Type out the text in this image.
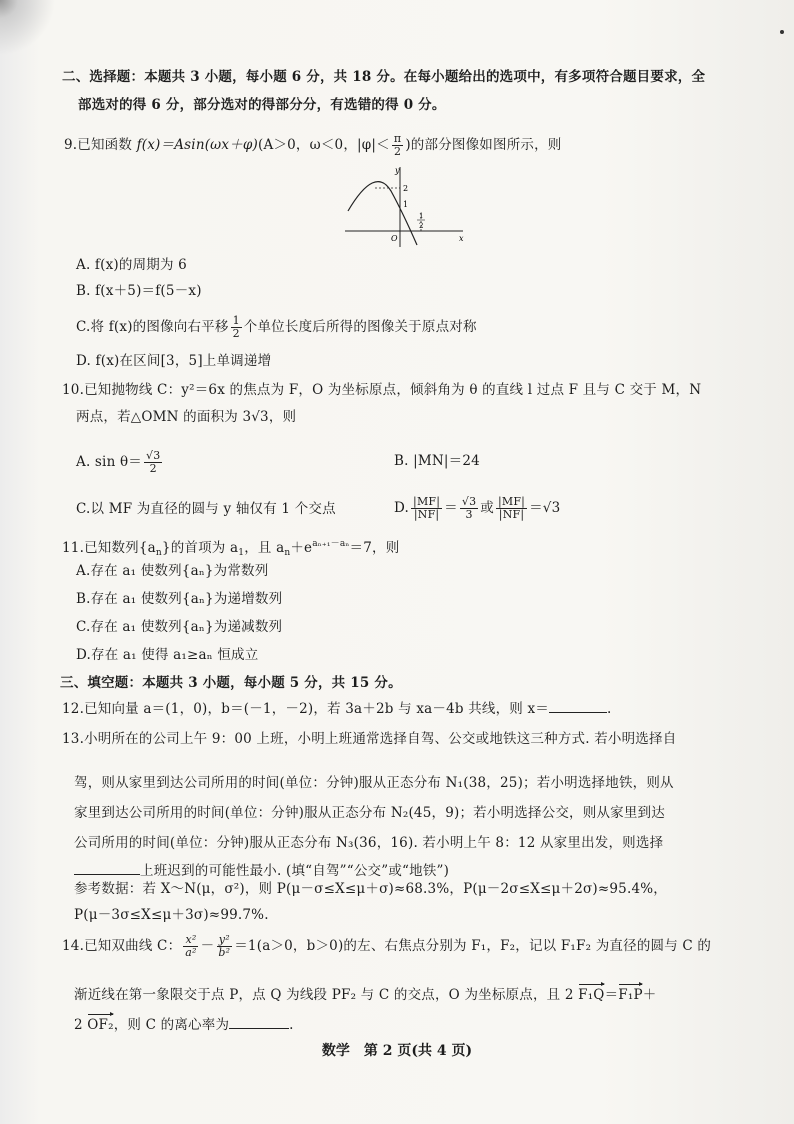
二、选择题：本题共 3 小题，每小题 6 分，共 18 分。在每小题给出的选项中，有多项符合题目要求，全
部选对的得 6 分，部分选对的得部分分，有选错的得 0 分。
9.已知函数 f(x)＝Asin(ωx＋φ)(A＞0，ω＜0，$|\varphi|< \frac{\pi}{2}$ )的部分图像如图所示，则
y
x
O
2
1
1
2
A. f(x)的周期为 6
B. f(x＋5)＝f(5－x)
C.将 f(x)的图像向右平移 $\frac{1}{2}$ 个单位长度后所得的图像关于原点对称
D. f(x)在区间[3，5]上单调递增
10.已知抛物线 C：y²＝6x 的焦点为 F，O 为坐标原点，倾斜角为 θ 的直线 l 过点 F 且与 C 交于 M，N
两点，若△OMN 的面积为 3√3，则
A. $\sin \theta= \frac{√3}{2}$	B. |MN|＝24
C.以 MF 为直径的圆与 y 轴仅有 1 个交点	D. $\frac{|MF|}{|NF|} = \frac{√3}{3}$ 或 $\frac{|MF|}{|NF|} =√3$
11.已知数列$\{a_n\}$的首项为 $a_1$，且 $a_n+e^{a_{n+1}-a_n}=7$，则
A.存在 a₁ 使数列{aₙ}为常数列
B.存在 a₁ 使数列{aₙ}为递增数列
C.存在 a₁ 使数列{aₙ}为递减数列
D.存在 a₁ 使得 a₁≥aₙ 恒成立
三、填空题：本题共 3 小题，每小题 5 分，共 15 分。
12.已知向量 a＝(1，0)，b＝(－1，－2)，若 3a＋2b 与 xa－4b 共线，则 x＝	.
13.小明所在的公司上午 9：00 上班，小明上班通常选择自驾、公交或地铁这三种方式. 若小明选择自
驾，则从家里到达公司所用的时间(单位：分钟)服从正态分布 N₁(38，25)；若小明选择地铁，则从
家里到达公司所用的时间(单位：分钟)服从正态分布 N₂(45，9)；若小明选择公交，则从家里到达
公司所用的时间(单位：分钟)服从正态分布 N₃(36，16). 若小明上午 8：12 从家里出发，则选择
上班迟到的可能性最小. (填“自驾”“公交”或“地铁”)
参考数据：若 X～N(μ，σ²)，则 P(μ－σ≤X≤μ＋σ)≈68.3%，P(μ－2σ≤X≤μ＋2σ)≈95.4%，
P(μ－3σ≤X≤μ＋3σ)≈99.7%.
14.已知双曲线 C： $\frac{\text{x²}}{\text{a²}} - \frac{\text{y²}}{\text{b²}} =1(a>0$，b＞0)的左、右焦点分别为 F₁，F₂，记以 F₁F₂ 为直径的圆与 C 的
渐近线在第一象限交于点 P，点 Q 为线段 PF₂ 与 C 的交点，O 为坐标原点，且 2 F₁Q＝F₁P＋
2 OF₂，则 C 的离心率为	.
数学　第 2 页(共 4 页)
